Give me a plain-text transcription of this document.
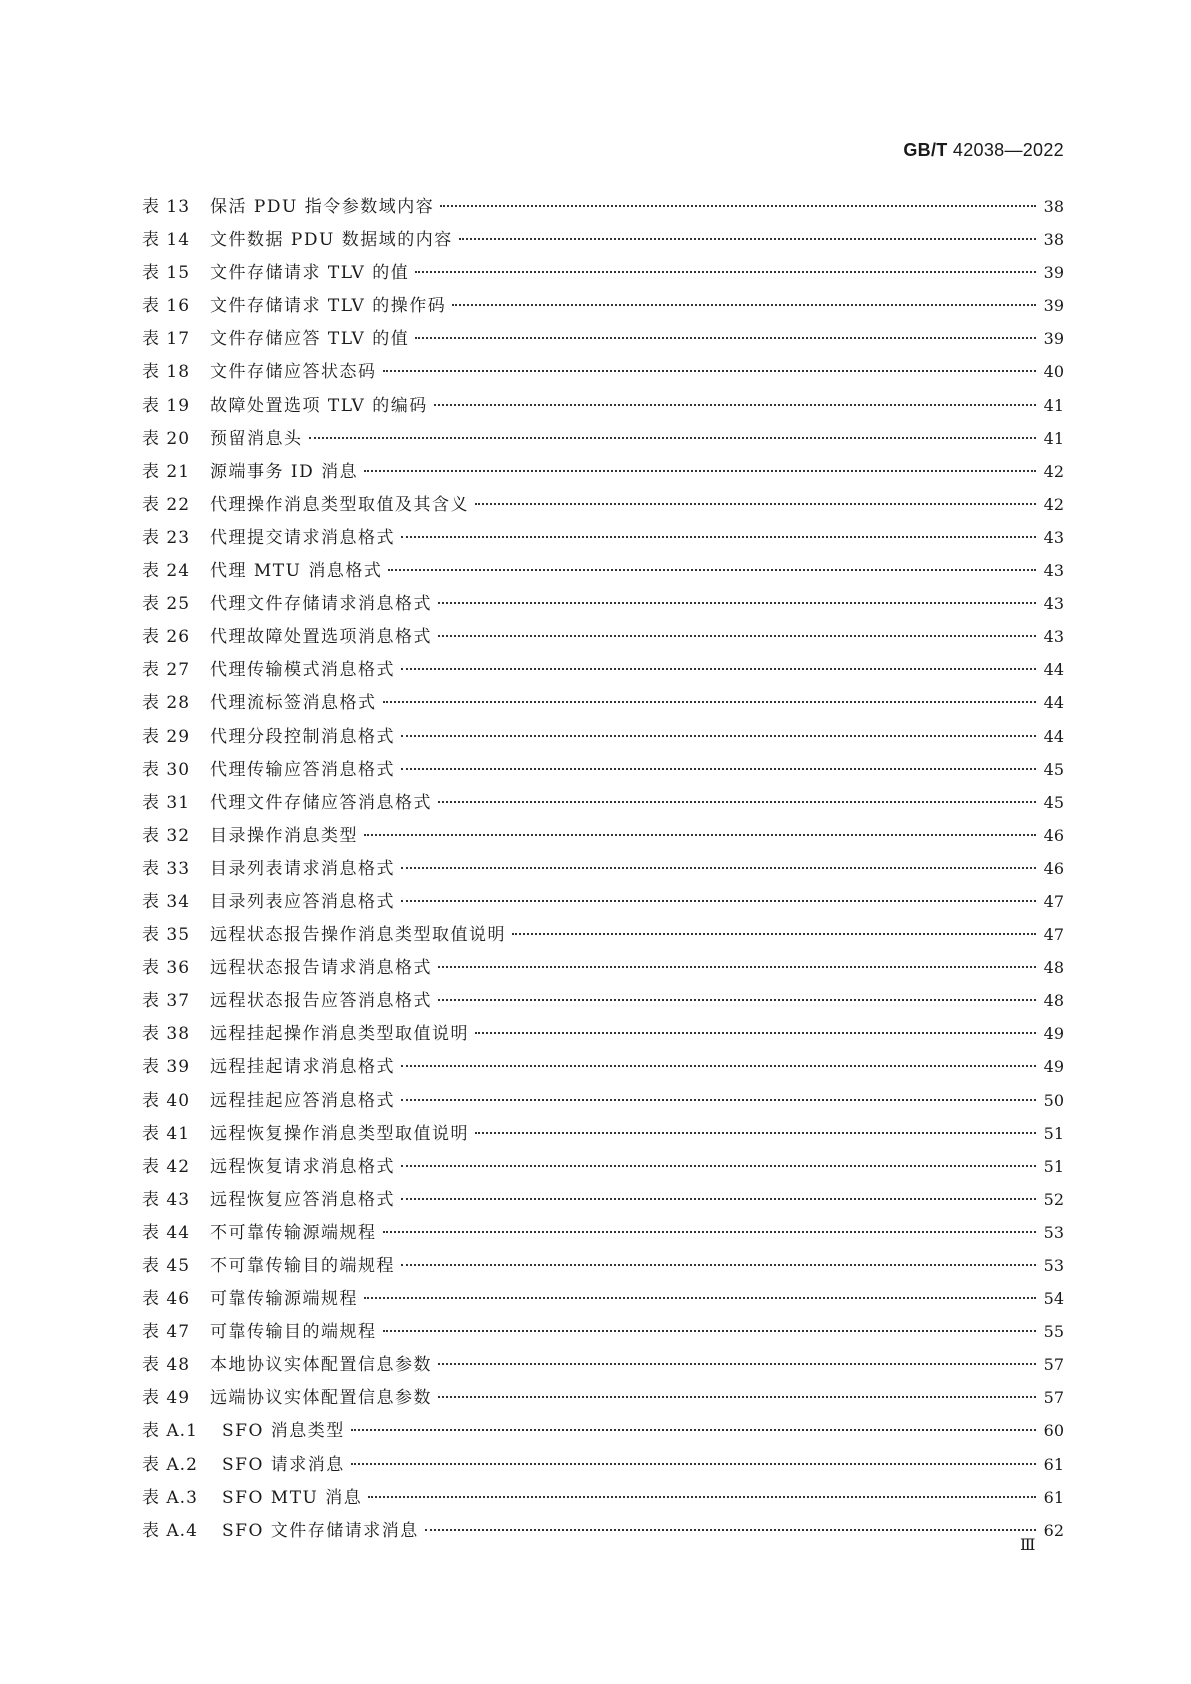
GB/T 42038—2022
表 13	保活 PDU 指令参数域内容	38
表 14	文件数据 PDU 数据域的内容	38
表 15	文件存储请求 TLV 的值	39
表 16	文件存储请求 TLV 的操作码	39
表 17	文件存储应答 TLV 的值	39
表 18	文件存储应答状态码	40
表 19	故障处置选项 TLV 的编码	41
表 20	预留消息头	41
表 21	源端事务 ID 消息	42
表 22	代理操作消息类型取值及其含义	42
表 23	代理提交请求消息格式	43
表 24	代理 MTU 消息格式	43
表 25	代理文件存储请求消息格式	43
表 26	代理故障处置选项消息格式	43
表 27	代理传输模式消息格式	44
表 28	代理流标签消息格式	44
表 29	代理分段控制消息格式	44
表 30	代理传输应答消息格式	45
表 31	代理文件存储应答消息格式	45
表 32	目录操作消息类型	46
表 33	目录列表请求消息格式	46
表 34	目录列表应答消息格式	47
表 35	远程状态报告操作消息类型取值说明	47
表 36	远程状态报告请求消息格式	48
表 37	远程状态报告应答消息格式	48
表 38	远程挂起操作消息类型取值说明	49
表 39	远程挂起请求消息格式	49
表 40	远程挂起应答消息格式	50
表 41	远程恢复操作消息类型取值说明	51
表 42	远程恢复请求消息格式	51
表 43	远程恢复应答消息格式	52
表 44	不可靠传输源端规程	53
表 45	不可靠传输目的端规程	53
表 46	可靠传输源端规程	54
表 47	可靠传输目的端规程	55
表 48	本地协议实体配置信息参数	57
表 49	远端协议实体配置信息参数	57
表 A.1	SFO 消息类型	60
表 A.2	SFO 请求消息	61
表 A.3	SFO MTU 消息	61
表 A.4	SFO 文件存储请求消息	62
Ⅲ
